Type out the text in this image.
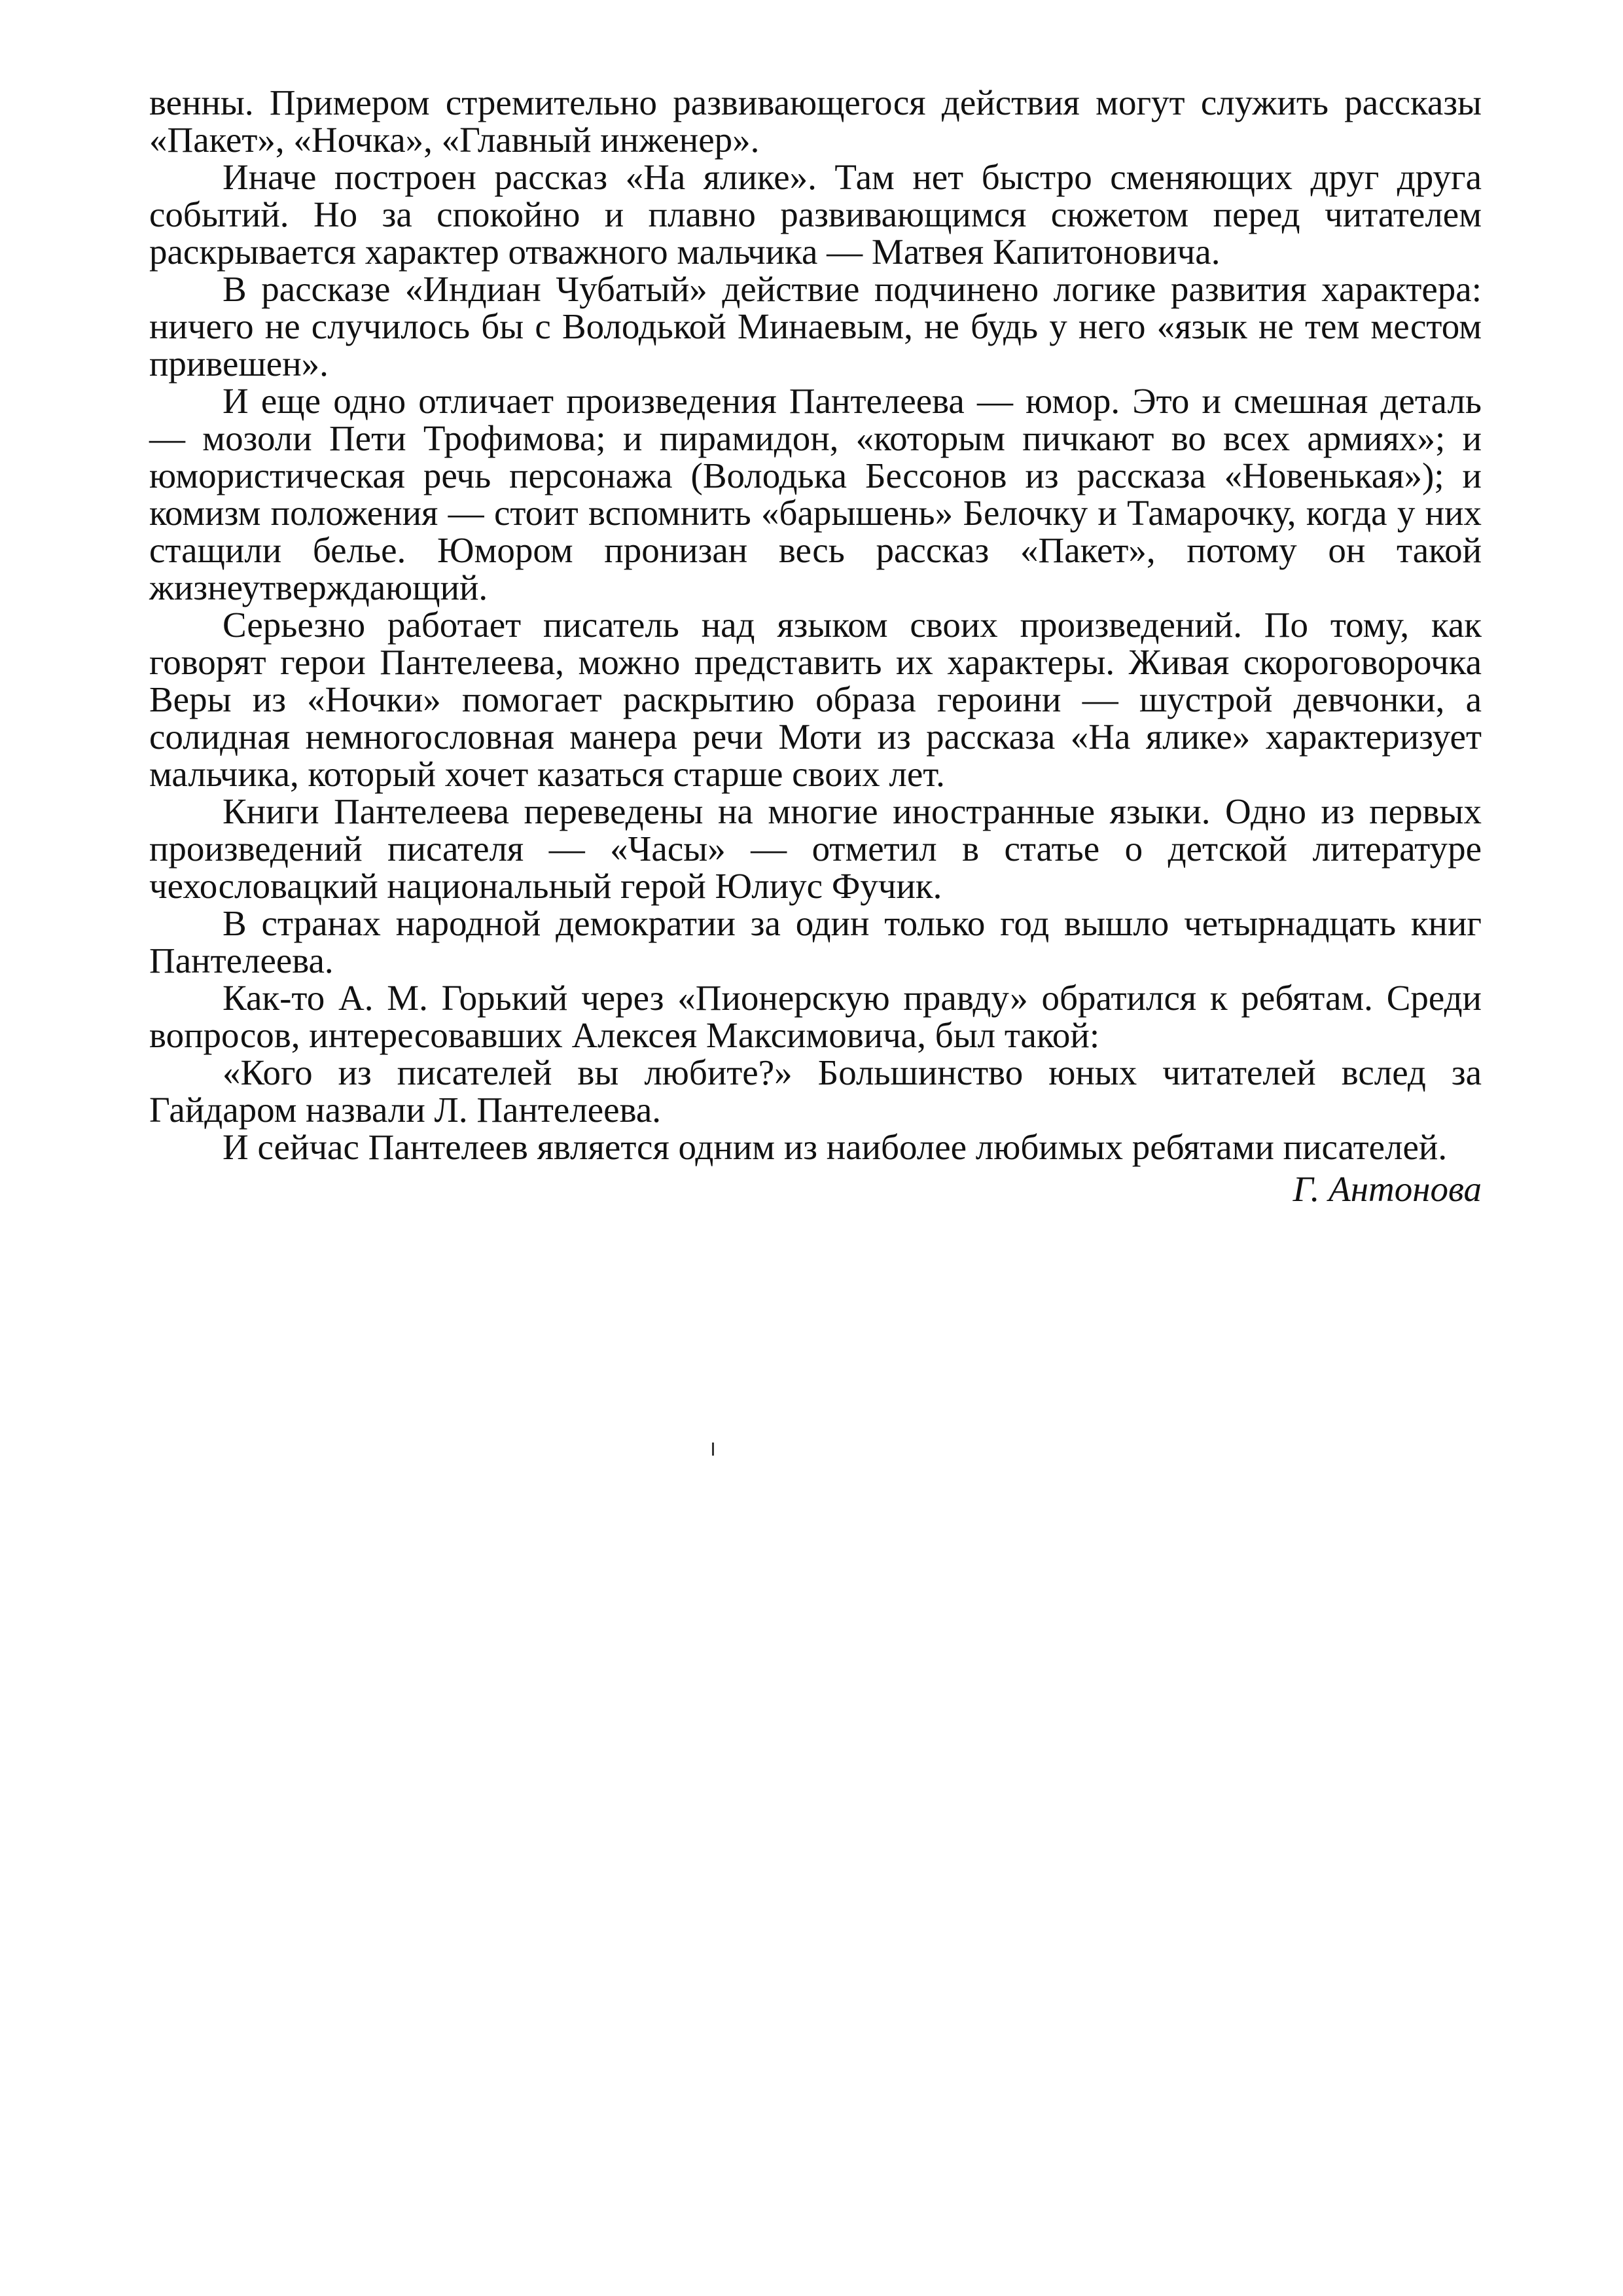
венны. Примером стремительно развивающегося действия могут служить рассказы «Пакет», «Ночка», «Главный инженер».

Иначе построен рассказ «На ялике». Там нет быстро сменяющих друг друга событий. Но за спокойно и плавно развивающимся сюжетом перед читателем раскрывается характер отважного мальчика — Матвея Капитоновича.

В рассказе «Индиан Чубатый» действие подчинено логике развития характера: ничего не случилось бы с Володькой Минаевым, не будь у него «язык не тем местом привешен».

И еще одно отличает произведения Пантелеева — юмор. Это и смешная деталь — мозоли Пети Трофимова; и пирамидон, «которым пичкают во всех армиях»; и юмористическая речь персонажа (Володька Бессонов из рассказа «Новенькая»); и комизм положения — стоит вспомнить «барышень» Белочку и Тамарочку, когда у них стащили белье. Юмором пронизан весь рассказ «Пакет», потому он такой жизнеутверждающий.

Серьезно работает писатель над языком своих произведений. По тому, как говорят герои Пантелеева, можно представить их характеры. Живая скороговорочка Веры из «Ночки» помогает раскрытию образа героини — шустрой девчонки, а солидная немногословная манера речи Моти из рассказа «На ялике» характеризует мальчика, который хочет казаться старше своих лет.

Книги Пантелеева переведены на многие иностранные языки. Одно из первых произведений писателя — «Часы» — отметил в статье о детской литературе чехословацкий национальный герой Юлиус Фучик.

В странах народной демократии за один только год вышло четырнадцать книг Пантелеева.

Как-то А. М. Горький через «Пионерскую правду» обратился к ребятам. Среди вопросов, интересовавших Алексея Максимовича, был такой:

«Кого из писателей вы любите?» Большинство юных читателей вслед за Гайдаром назвали Л. Пантелеева.

И сейчас Пантелеев является одним из наиболее любимых ребятами писателей.

Г. Антонова
